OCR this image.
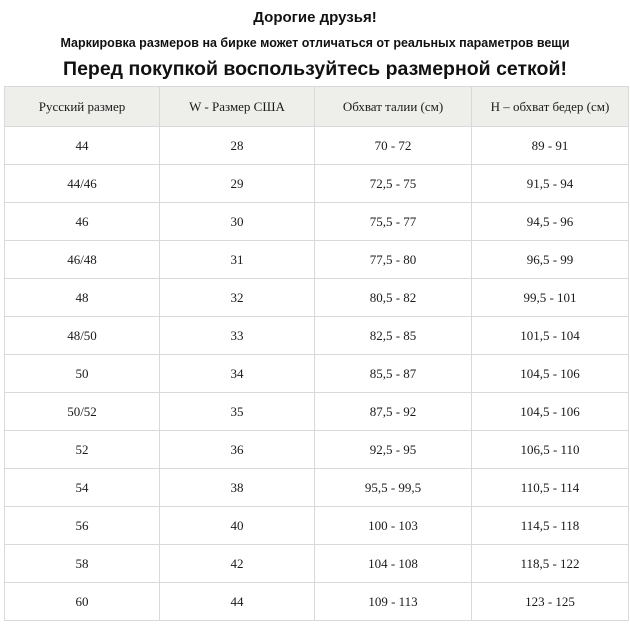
Дорогие друзья!
Маркировка размеров на бирке может отличаться от реальных параметров вещи
Перед покупкой воспользуйтесь размерной сеткой!
Русский размер	W - Размер США	Обхват талии (см)	Н – обхват бедер (см)
44	28	70 - 72	89 - 91
44/46	29	72,5 - 75	91,5 - 94
46	30	75,5 - 77	94,5 - 96
46/48	31	77,5 - 80	96,5 - 99
48	32	80,5 - 82	99,5 - 101
48/50	33	82,5 - 85	101,5 - 104
50	34	85,5 - 87	104,5 - 106
50/52	35	87,5 - 92	104,5 - 106
52	36	92,5 - 95	106,5 - 110
54	38	95,5 - 99,5	110,5 - 114
56	40	100 - 103	114,5 - 118
58	42	104 - 108	118,5 - 122
60	44	109 - 113	123 - 125
